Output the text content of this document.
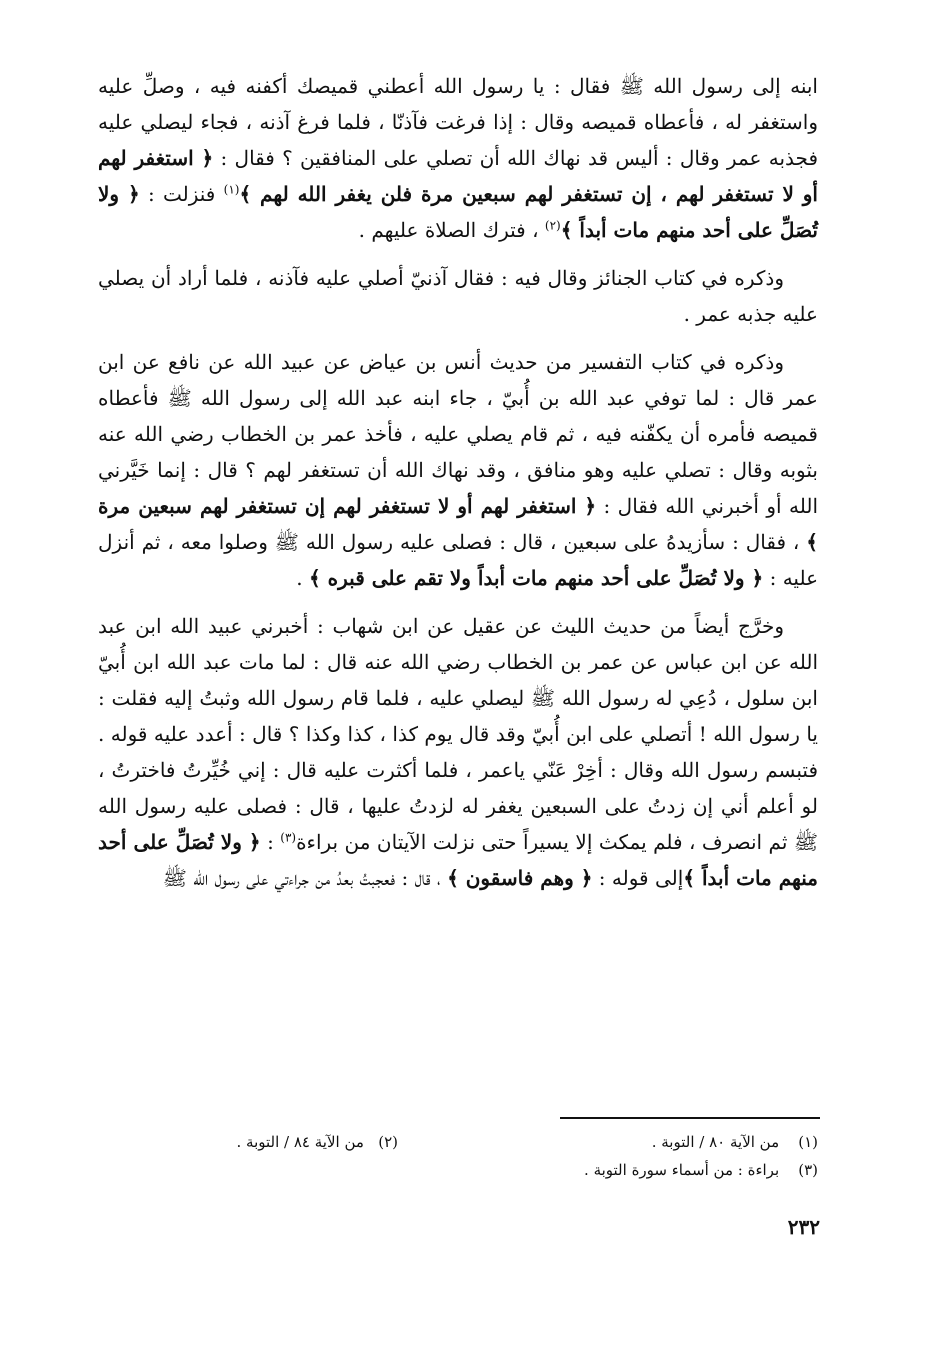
ابنه إلى رسول الله ﷺ فقال : يا رسول الله أعطني قميصك أكفنه فيه ، وصلِّ عليه واستغفر له ، فأعطاه قميصه وقال : إذا فرغت فآذنّا ، فلما فرغ آذنه ، فجاء ليصلي عليه فجذبه عمر وقال : أليس قد نهاك الله أن تصلي على المنافقين ؟ فقال : ﴿ استغفر لهم أو لا تستغفر لهم ، إن تستغفر لهم سبعين مرة فلن يغفر الله لهم ﴾$^{(١)}$ فنزلت : ﴿ ولا تُصَلِّ على أحد منهم مات أبداً ﴾$^{(٢)}$ ، فترك الصلاة عليهم .

وذكره في كتاب الجنائز وقال فيه : فقال آذنيّ أصلي عليه فآذنه ، فلما أراد أن يصلي عليه جذبه عمر .

وذكره في كتاب التفسير من حديث أنس بن عياض عن عبيد الله عن نافع عن ابن عمر قال : لما توفي عبد الله بن أُبيّ ، جاء ابنه عبد الله إلى رسول الله ﷺ فأعطاه قميصه فأمره أن يكفّنه فيه ، ثم قام يصلي عليه ، فأخذ عمر بن الخطاب رضي الله عنه بثوبه وقال : تصلي عليه وهو منافق ، وقد نهاك الله أن تستغفر لهم ؟ قال : إنما خَيَّرني الله أو أخبرني الله فقال : ﴿ استغفر لهم أو لا تستغفر لهم إن تستغفر لهم سبعين مرة ﴾ ، فقال : سأزيدهُ على سبعين ، قال : فصلى عليه رسول الله ﷺ وصلوا معه ، ثم أنزل عليه : ﴿ ولا تُصَلِّ على أحد منهم مات أبداً ولا تقم على قبره ﴾ .

وخرَّج أيضاً من حديث الليث عن عقيل عن ابن شهاب : أخبرني عبيد الله ابن عبد الله عن ابن عباس عن عمر بن الخطاب رضي الله عنه قال : لما مات عبد الله ابن أُبيّ ابن سلول ، دُعِي له رسول الله ﷺ ليصلي عليه ، فلما قام رسول الله وثبتُ إليه فقلت : يا رسول الله ! أتصلي على ابن أُبيّ وقد قال يوم كذا ، كذا وكذا ؟ قال : أعدد عليه قوله . فتبسم رسول الله وقال : أخِرْ عَنّي ياعمر ، فلما أكثرت عليه قال : إني خُيِّرتُ فاخترتُ ، لو أعلم أني إن زدتُ على السبعين يغفر له لزدتُ عليها ، قال : فصلى عليه رسول الله ﷺ ثم انصرف ، فلم يمكث إلا يسيراً حتى نزلت الآيتان من براءة$^{(٣)}$ : ﴿ ولا تُصَلِّ على أحد منهم مات أبداً ﴾إلى قوله : ﴿ وهم فاسقون ﴾ ، قال : فعجبتُ بعدُ من جراءتي على رسول الله ﷺ

(١)    من الآية ٨٠ / التوبة .
(٢)   من الآية ٨٤ / التوبة .
(٣)    براءة : من أسماء سورة التوبة .
٢٣٢
